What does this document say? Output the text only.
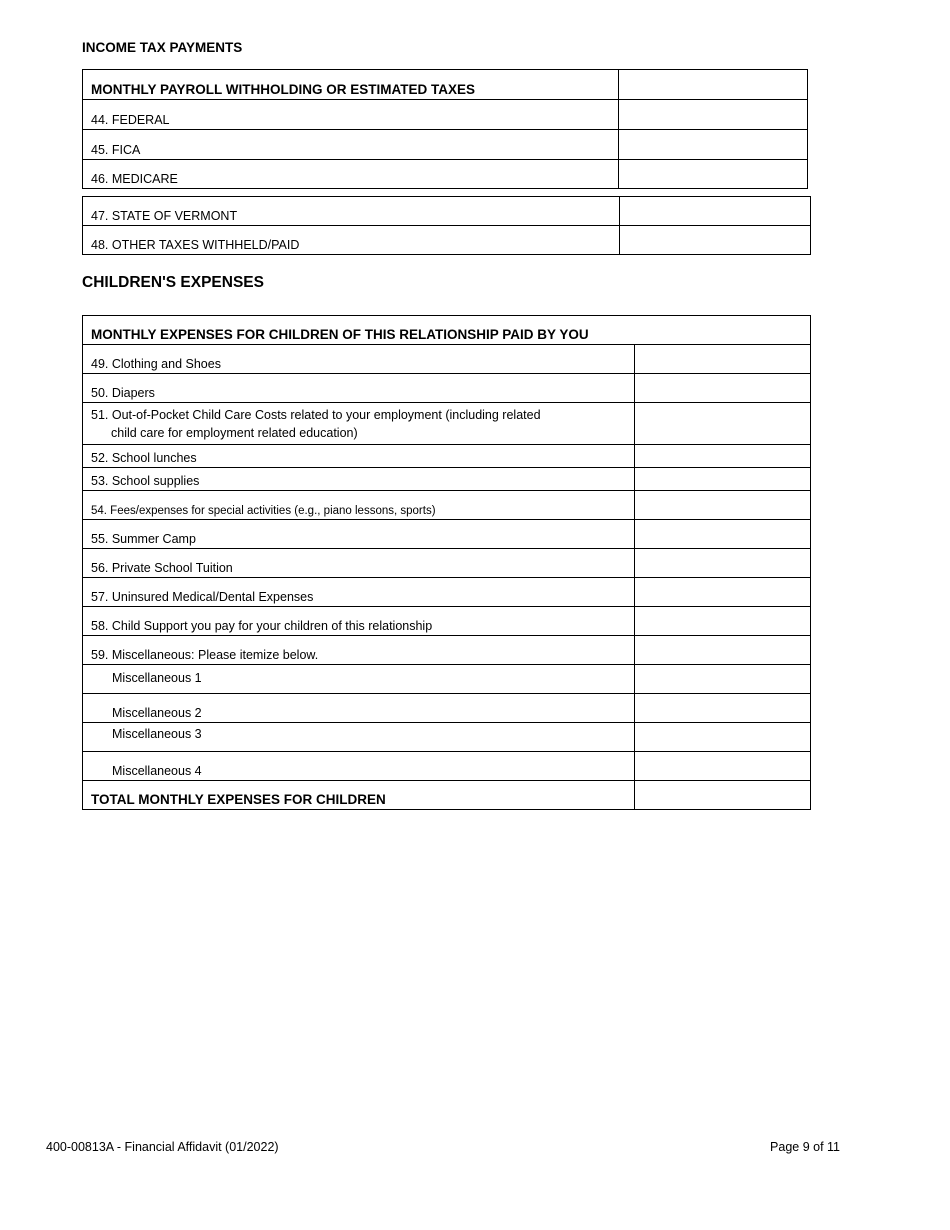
INCOME TAX PAYMENTS
MONTHLY PAYROLL WITHHOLDING OR ESTIMATED TAXES	
44. FEDERAL	
45. FICA	
46. MEDICARE	
47. STATE OF VERMONT	
48. OTHER TAXES WITHHELD/PAID	
CHILDREN'S EXPENSES
MONTHLY EXPENSES FOR CHILDREN OF THIS RELATIONSHIP PAID BY YOU	
49. Clothing and Shoes	
50. Diapers	
51. Out-of-Pocket Child Care Costs related to your employment (including related
child care for employment related education)

52. School lunches	
53. School supplies	
54. Fees/expenses for special activities (e.g., piano lessons, sports)	
55. Summer Camp	
56. Private School Tuition	
57. Uninsured Medical/Dental Expenses	
58. Child Support you pay for your children of this relationship	
59. Miscellaneous: Please itemize below.	
Miscellaneous 1	
Miscellaneous 2	
Miscellaneous 3	
Miscellaneous 4	
TOTAL MONTHLY EXPENSES FOR CHILDREN	
400-00813A - Financial Affidavit (01/2022)	Page 9 of 11
